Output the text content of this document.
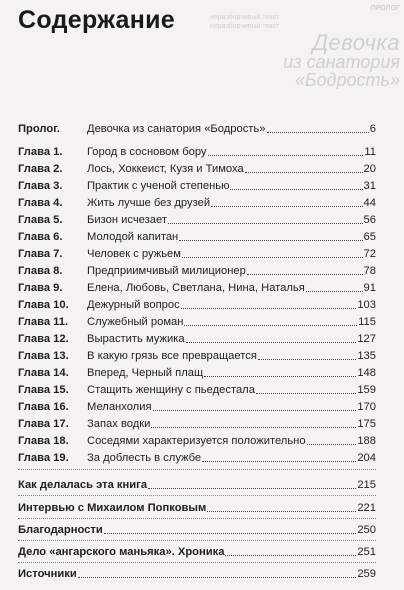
ПРОЛОГ
неразборчивый текст
неразборчивый текст
Девочка
из санатория «Бодрость»
Содержание
Пролог.	Девочка из санатория «Бодрость»	6
Глава 1.	Город в сосновом бору	11
Глава 2.	Лось, Хоккеист, Кузя и Тимоха	20
Глава 3.	Практик с ученой степенью	31
Глава 4.	Жить лучше без друзей	44
Глава 5.	Бизон исчезает	56
Глава 6.	Молодой капитан	65
Глава 7.	Человек с ружьем	72
Глава 8.	Предприимчивый милиционер	78
Глава 9.	Елена, Любовь, Светлана, Нина, Наталья	91
Глава 10.	Дежурный вопрос	103
Глава 11.	Служебный роман	115
Глава 12.	Вырастить мужика	127
Глава 13.	В какую грязь все превращается	135
Глава 14.	Вперед, Черный плащ	148
Глава 15.	Стащить женщину с пьедестала	159
Глава 16.	Меланхолия	170
Глава 17.	Запах водки	175
Глава 18.	Соседями характеризуется положительно	188
Глава 19.	За доблесть в службе	204
Как делалась эта книга	215
Интервью с Михаилом Попковым	221
Благодарности	250
Дело «ангарского маньяка». Хроника	251
Источники	259
